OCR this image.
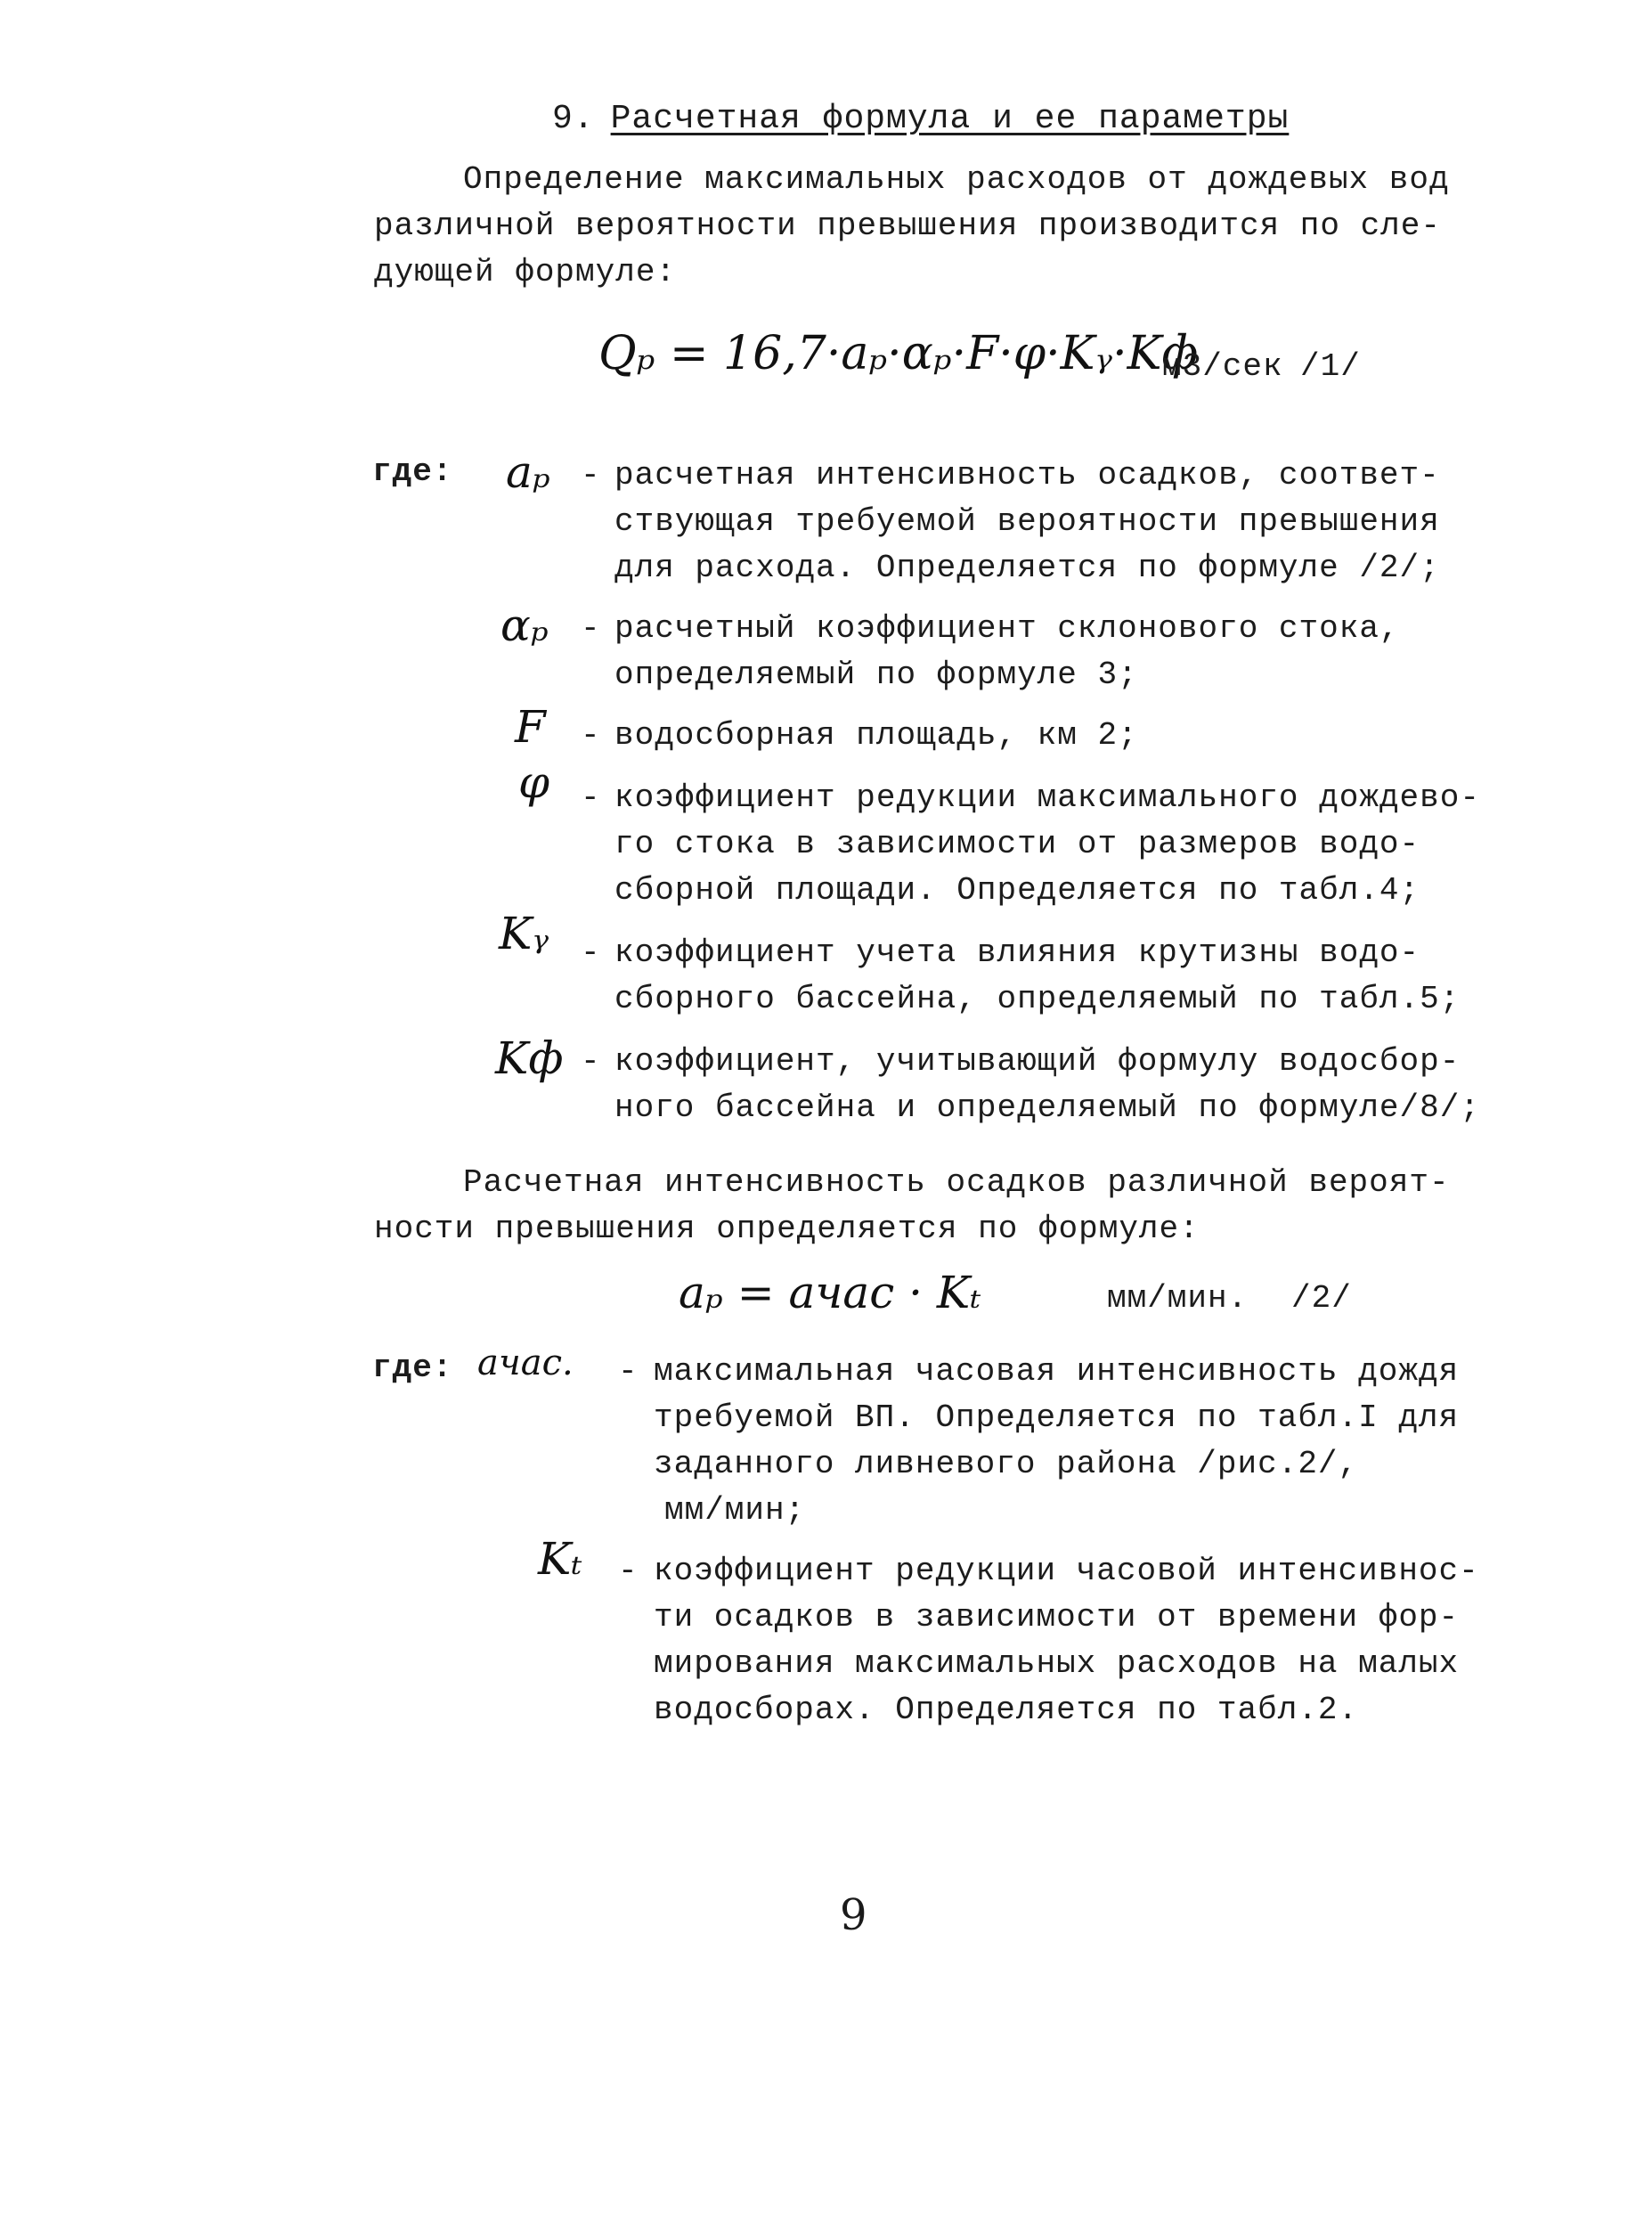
9. Расчетная формула и ее параметры
Определение максимальных расходов от дождевых вод
различной вероятности превышения производится по сле-
дующей формуле:
Qₚ = 16,7·aₚ·αₚ·F·φ·Kᵧ·Kф
м3/сек /1/
где: aₚ - расчетная интенсивность осадков, соответ-
ствующая требуемой вероятности превышения
для расхода. Определяется по формуле /2/;
αₚ - расчетный коэффициент склонового стока,
определяемый по формуле 3;
F - водосборная площадь, км 2;
φ - коэффициент редукции максимального дождево-
го стока в зависимости от размеров водо-
сборной площади. Определяется по табл.4;
Kᵧ - коэффициент учета влияния крутизны водо-
сборного бассейна, определяемый по табл.5;
Kф - коэффициент, учитывающий формулу водосбор-
ного бассейна и определяемый по формуле/8/;
Расчетная интенсивность осадков различной вероят-
ности превышения определяется по формуле:
aₚ = aчас · Kₜ	мм/мин. /2/
где: aчас. - максимальная часовая интенсивность дождя
требуемой ВП. Определяется по табл.I для
заданного ливневого района /рис.2/,
мм/мин;
Kₜ - коэффициент редукции часовой интенсивнос-
ти осадков в зависимости от времени фор-
мирования максимальных расходов на малых
водосборах. Определяется по табл.2.
9
